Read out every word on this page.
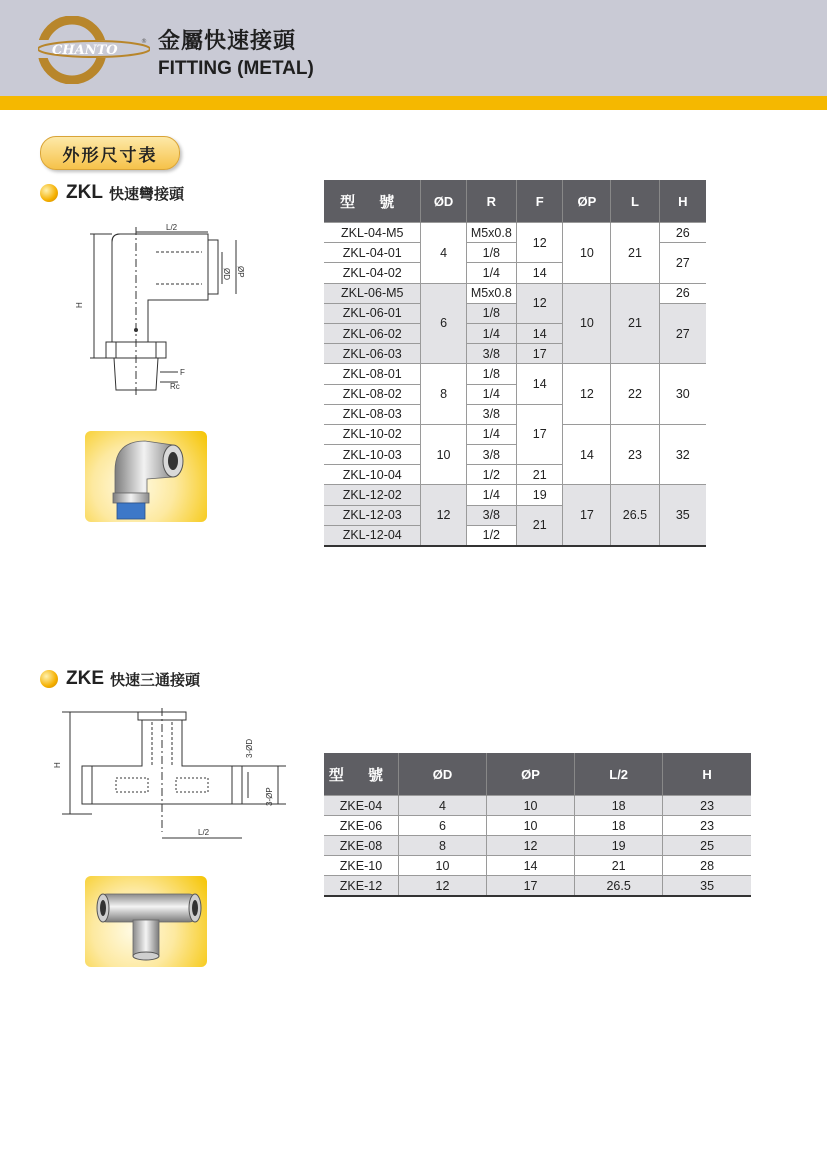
CHANTO
® 金屬快速接頭
FITTING (METAL)
外形尺寸表
ZKL 快速彎接頭
L/2
ØD ØP
H
F
Rc
型 號	ØD	R	F	ØP	L	H
ZKL-04-M5	4	M5x0.8	12	10	21	26
ZKL-04-01		1/8				27
ZKL-04-02		1/4	14			
ZKL-06-M5	6	M5x0.8	12	10	21	26
ZKL-06-01		1/8				27
ZKL-06-02		1/4	14			
ZKL-06-03		3/8	17			
ZKL-08-01	8	1/8	14	12	22	30
ZKL-08-02		1/4				
ZKL-08-03		3/8	17			
ZKL-10-02	10	1/4		14	23	32
ZKL-10-03		3/8				
ZKL-10-04		1/2	21			
ZKL-12-02	12	1/4	19	17	26.5	35
ZKL-12-03		3/8	21			
ZKL-12-04		1/2				
ZKE 快速三通接頭
H
3-ØD
3-ØP
L/2
型 號	ØD	ØP	L/2	H
ZKE-04	4	10	18	23
ZKE-06	6	10	18	23
ZKE-08	8	12	19	25
ZKE-10	10	14	21	28
ZKE-12	12	17	26.5	35
